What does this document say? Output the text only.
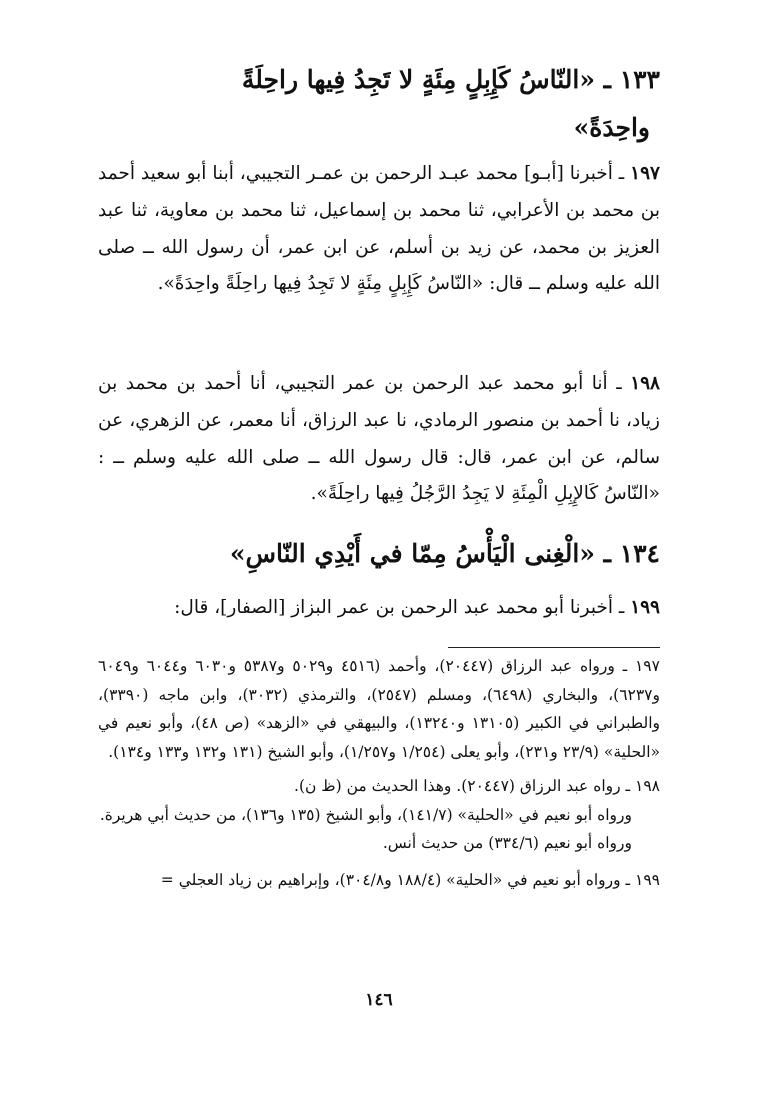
١٣٣ ـ «النّاسُ كَإِبِلٍ مِئَةٍ لا تَجِدُ فِيها راحِلَةً

واحِدَةً»

١٩٧ ـ أخبرنا [أبـو] محمد عبـد الرحمن بن عمـر التجيبي، أبنا أبو سعيد أحمد بن محمد بن الأعرابي، ثنا محمد بن إسماعيل، ثنا محمد بن معاوية، ثنا عبد العزيز بن محمد، عن زيد بن أسلم، عن ابن عمر، أن رسول الله ــ صلى الله عليه وسلم ــ قال: «النّاسُ كَإِبِلٍ مِئَةٍ لا تَجِدُ فِيها راحِلَةً واحِدَةً».

١٩٨ ـ أنا أبو محمد عبد الرحمن بن عمر التجيبي، أنا أحمد بن محمد بن زياد، نا أحمد بن منصور الرمادي، نا عبد الرزاق، أنا معمر، عن الزهري، عن سالم، عن ابن عمر، قال: قال رسول الله ــ صلى الله عليه وسلم ــ : «النّاسُ كَالإِبِلِ الْمِئَةِ لا يَجِدُ الرَّجُلُ فِيها راحِلَةً».

١٣٤ ـ «الْغِنى الْيَأْسُ مِمّا في أَيْدِي النّاسِ»

١٩٩ ـ أخبرنا أبو محمد عبد الرحمن بن عمر البزاز [الصفار]، قال:

١٩٧ ـ ورواه عبد الرزاق (٢٠٤٤٧)، وأحمد (٤٥١٦ و٥٠٢٩ و٥٣٨٧ و٦٠٣٠ و٦٠٤٤ و٦٠٤٩ و٦٢٣٧)، والبخاري (٦٤٩٨)، ومسلم (٢٥٤٧)، والترمذي (٣٠٣٢)، وابن ماجه (٣٣٩٠)، والطبراني في الكبير (١٣١٠٥ و١٣٢٤٠)، والبيهقي في «الزهد» (ص ٤٨)، وأبو نعيم في «الحلية» (٢٣/٩ و٢٣١)، وأبو يعلى (١/٢٥٤ و١/٢٥٧)، وأبو الشيخ (١٣١ و١٣٢ و١٣٣ و١٣٤).

١٩٨ ـ رواه عبد الرزاق (٢٠٤٤٧). وهذا الحديث من (ظ ن).

ورواه أبو نعيم في «الحلية» (١٤١/٧)، وأبو الشيخ (١٣٥ و١٣٦)، من حديث أبي هريرة.

ورواه أبو نعيم (٣٣٤/٦) من حديث أنس.

١٩٩ ـ ورواه أبو نعيم في «الحلية» (١٨٨/٤ و٣٠٤/٨)، وإبراهيم بن زياد العجلي =

١٤٦
